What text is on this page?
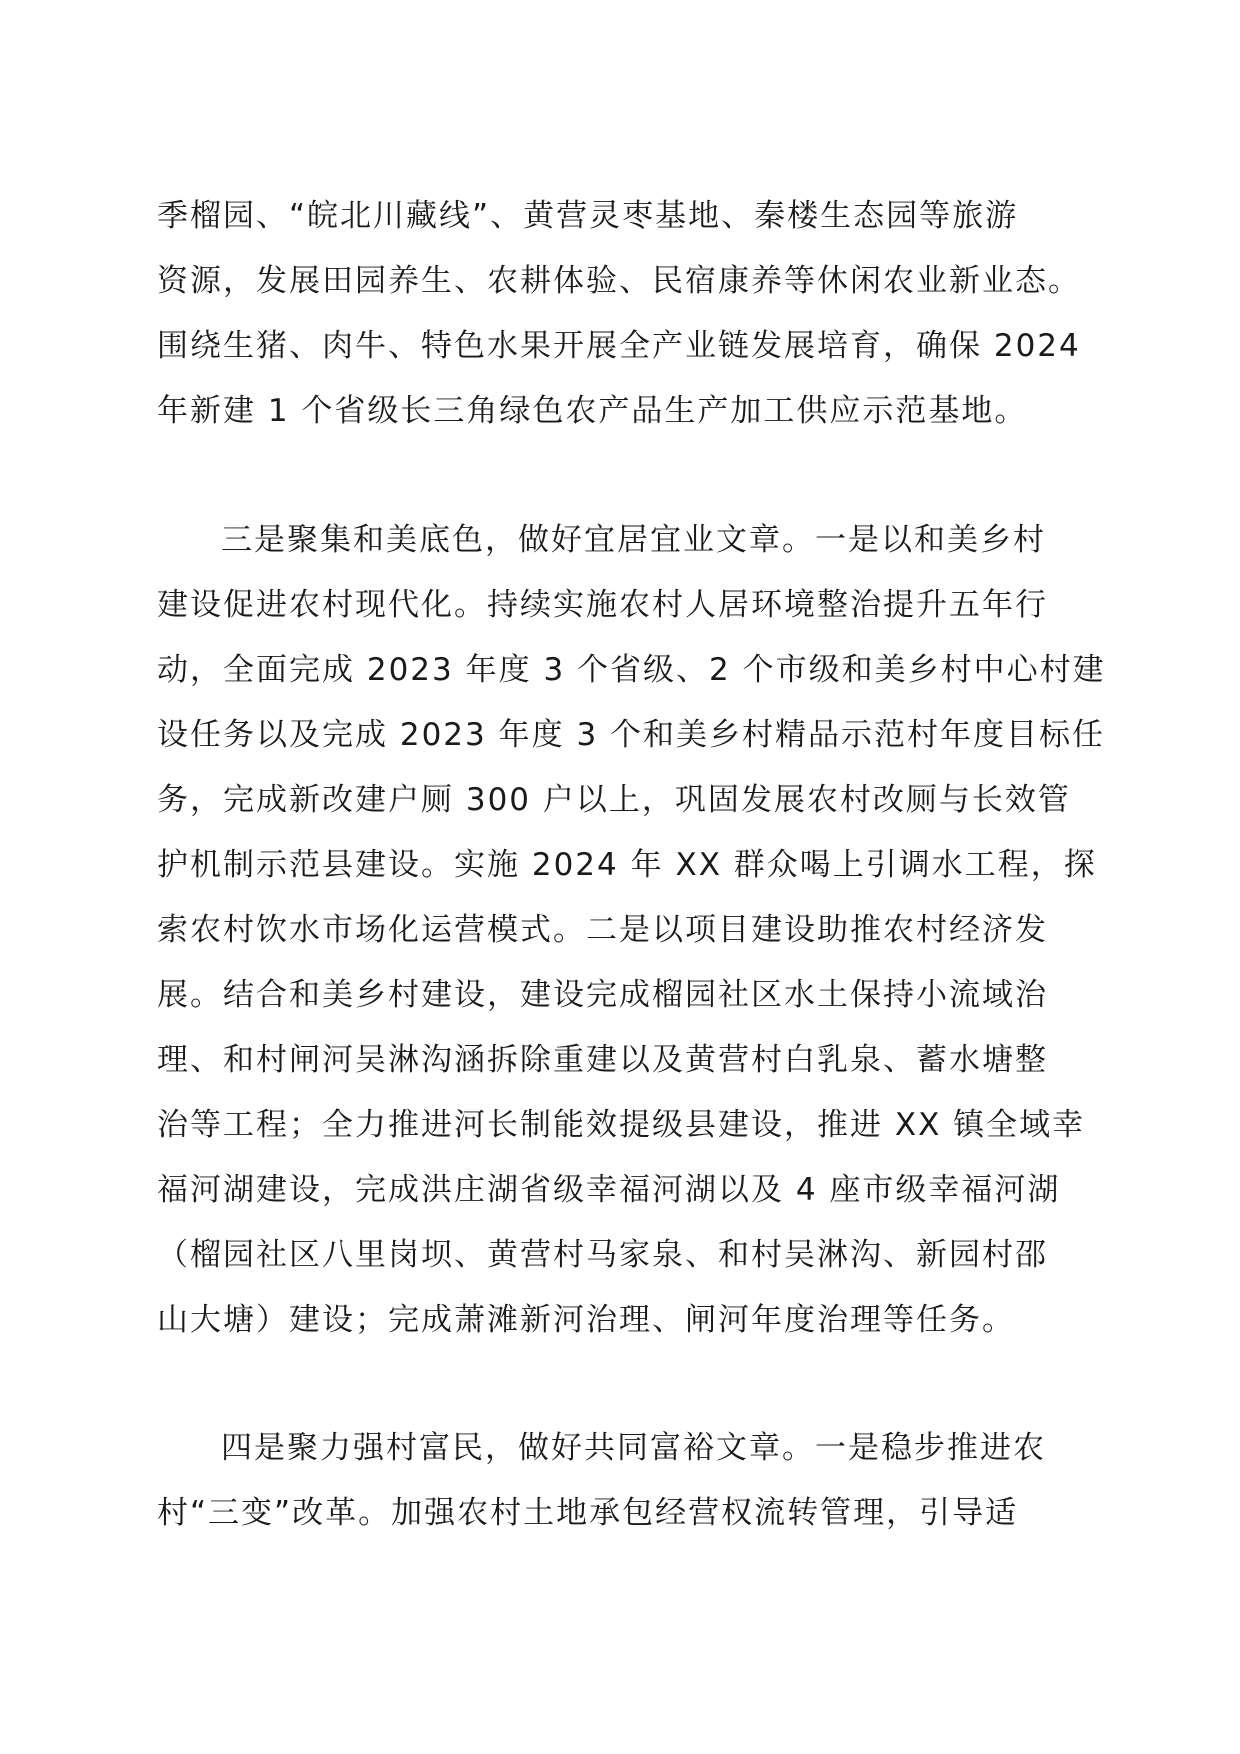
季榴园、“皖北川藏线”、黄营灵枣基地、秦楼生态园等旅游
资源，发展田园养生、农耕体验、民宿康养等休闲农业新业态。
围绕生猪、肉牛、特色水果开展全产业链发展培育，确保 2024
年新建 1 个省级长三角绿色农产品生产加工供应示范基地。
三是聚集和美底色，做好宜居宜业文章。一是以和美乡村
建设促进农村现代化。持续实施农村人居环境整治提升五年行
动，全面完成 2023 年度 3 个省级、2 个市级和美乡村中心村建
设任务以及完成 2023 年度 3 个和美乡村精品示范村年度目标任
务，完成新改建户厕 300 户以上，巩固发展农村改厕与长效管
护机制示范县建设。实施 2024 年 XX 群众喝上引调水工程，探
索农村饮水市场化运营模式。二是以项目建设助推农村经济发
展。结合和美乡村建设，建设完成榴园社区水土保持小流域治
理、和村闸河吴淋沟涵拆除重建以及黄营村白乳泉、蓄水塘整
治等工程；全力推进河长制能效提级县建设，推进 XX 镇全域幸
福河湖建设，完成洪庄湖省级幸福河湖以及 4 座市级幸福河湖
（榴园社区八里岗坝、黄营村马家泉、和村吴淋沟、新园村邵
山大塘）建设；完成萧滩新河治理、闸河年度治理等任务。
四是聚力强村富民，做好共同富裕文章。一是稳步推进农
村“三变”改革。加强农村土地承包经营权流转管理，引导适
